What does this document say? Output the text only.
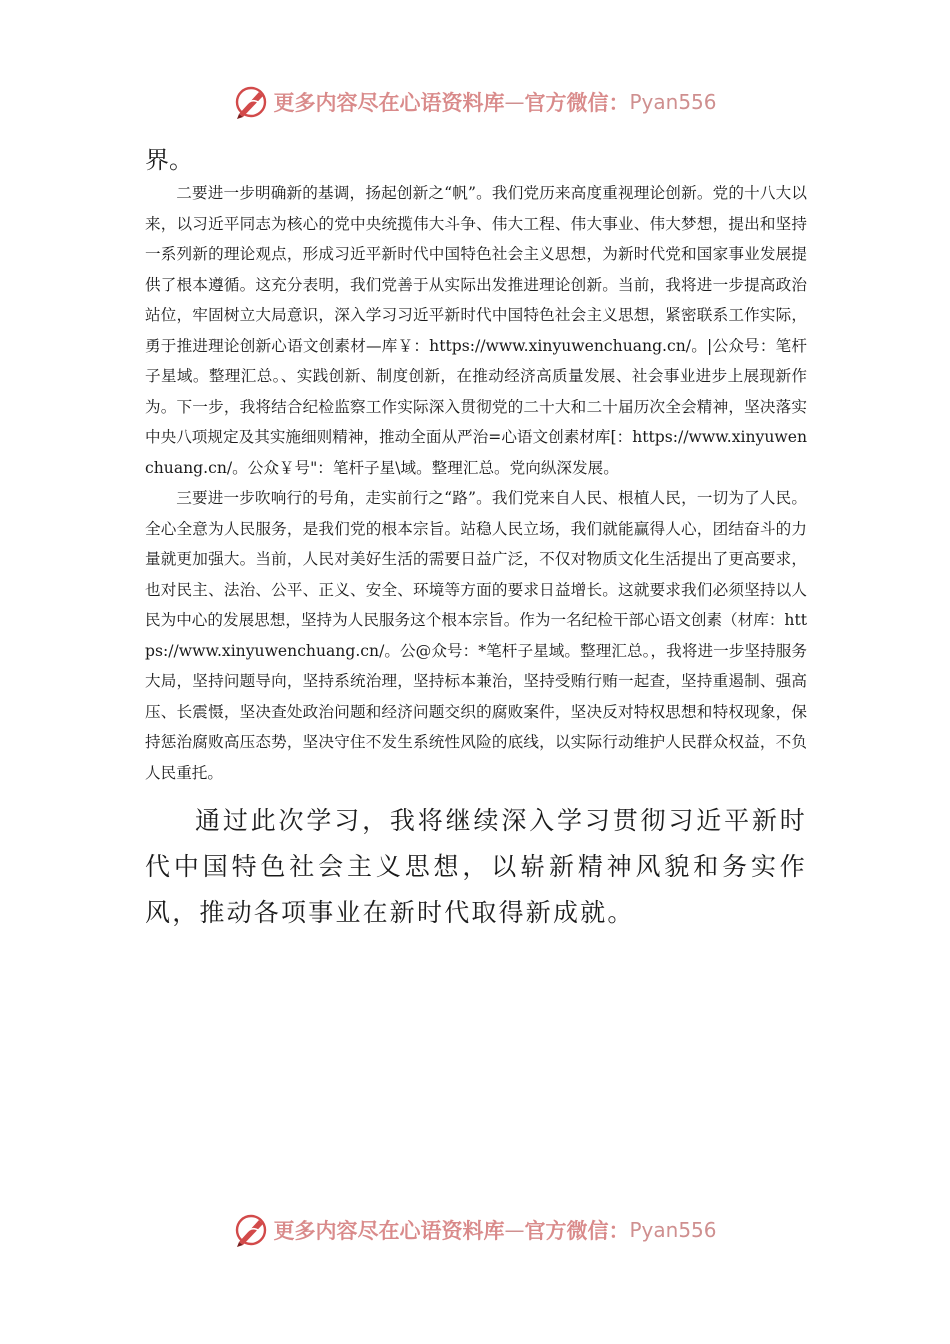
更多内容尽在心语资料库 — 官方微信： Pyan556

界。

二要进一步明确新的基调，扬起创新之“帆”。我们党历来高度重视理论创新。党的十八大以来，以习近平同志为核心的党中央统揽伟大斗争、伟大工程、伟大事业、伟大梦想，提出和坚持一系列新的理论观点，形成习近平新时代中国特色社会主义思想，为新时代党和国家事业发展提供了根本遵循。这充分表明，我们党善于从实际出发推进理论创新。当前，我将进一步提高政治站位，牢固树立大局意识，深入学习习近平新时代中国特色社会主义思想，紧密联系工作实际，勇于推进理论创新心语文创素材—库￥：https://www.xinyuwenchuang.cn/。|公众号：笔杆子星域。整理汇总。、实践创新、制度创新，在推动经济高质量发展、社会事业进步上展现新作为。下一步，我将结合纪检监察工作实际深入贯彻党的二十大和二十届历次全会精神，坚决落实中央八项规定及其实施细则精神，推动全面从严治=心语文创素材库[：https://www.xinyuwenchuang.cn/。公众￥号"：笔杆子星\域。整理汇总。党向纵深发展。

三要进一步吹响行的号角，走实前行之“路”。我们党来自人民、根植人民，一切为了人民。全心全意为人民服务，是我们党的根本宗旨。站稳人民立场，我们就能赢得人心，团结奋斗的力量就更加强大。当前，人民对美好生活的需要日益广泛，不仅对物质文化生活提出了更高要求，也对民主、法治、公平、正义、安全、环境等方面的要求日益增长。这就要求我们必须坚持以人民为中心的发展思想，坚持为人民服务这个根本宗旨。作为一名纪检干部心语文创素（材库：https://www.xinyuwenchuang.cn/。公@众号：*笔杆子星域。整理汇总。，我将进一步坚持服务大局，坚持问题导向，坚持系统治理，坚持标本兼治，坚持受贿行贿一起查，坚持重遏制、强高压、长震慑，坚决查处政治问题和经济问题交织的腐败案件，坚决反对特权思想和特权现象，保持惩治腐败高压态势，坚决守住不发生系统性风险的底线，以实际行动维护人民群众权益，不负人民重托。

通过此次学习，我将继续深入学习贯彻习近平新时代中国特色社会主义思想，以崭新精神风貌和务实作风，推动各项事业在新时代取得新成就。

更多内容尽在心语资料库 — 官方微信： Pyan556
